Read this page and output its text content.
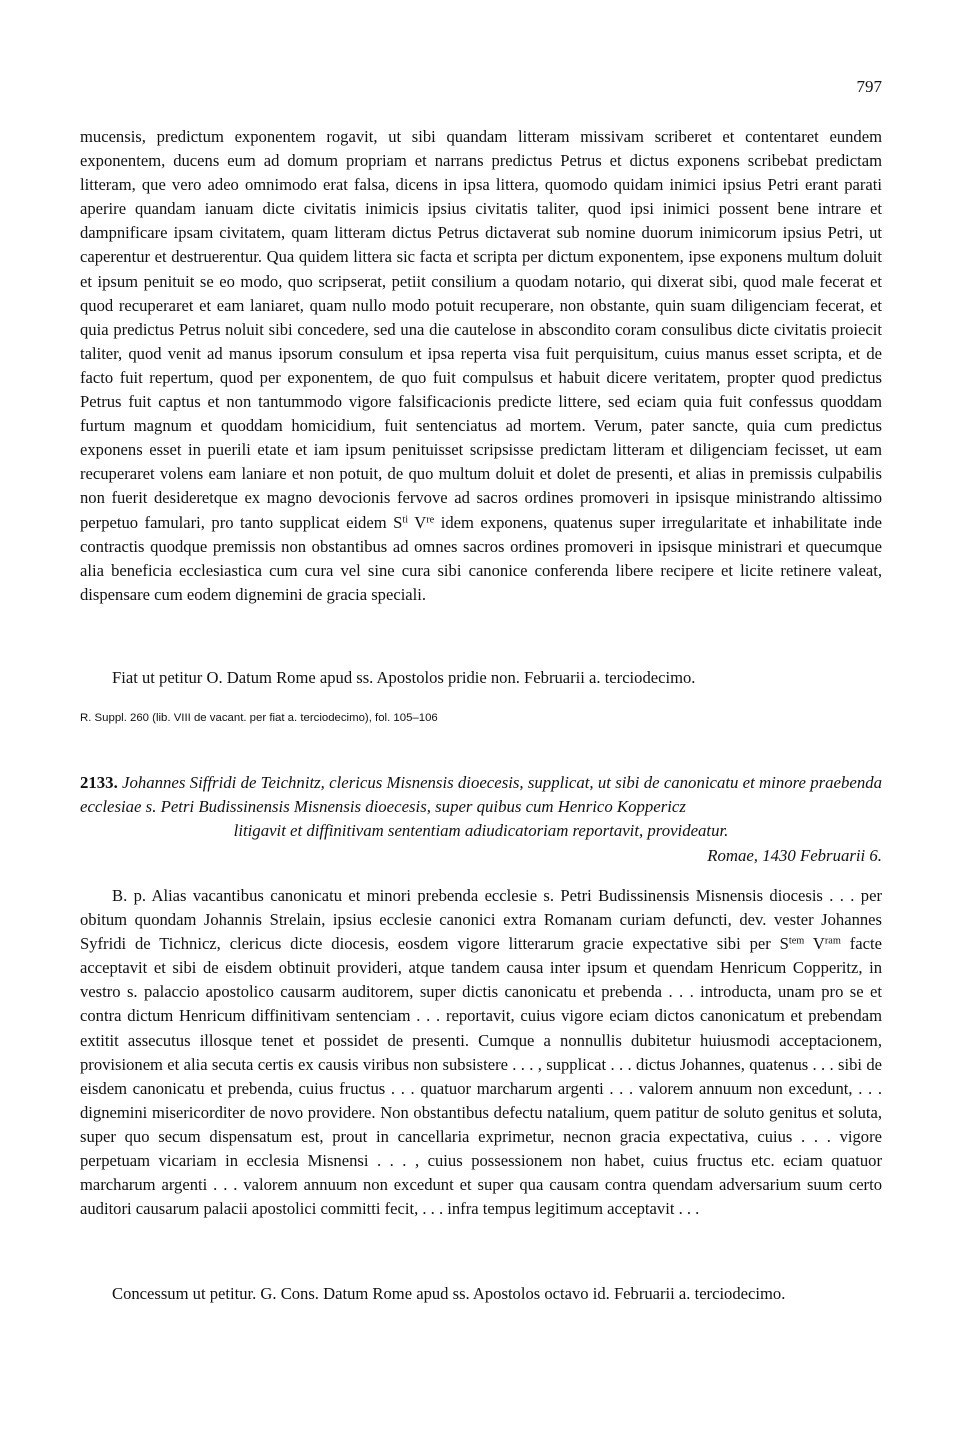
797

mucensis, predictum exponentem rogavit, ut sibi quandam litteram missivam scriberet et contentaret eundem exponentem, ducens eum ad domum propriam et narrans predictus Petrus et dictus exponens scribebat predictam litteram, que vero adeo omnimodo erat falsa, dicens in ipsa littera, quomodo quidam inimici ipsius Petri erant parati aperire quandam ianuam dicte civitatis inimicis ipsius civitatis taliter, quod ipsi inimici possent bene intrare et dampnificare ipsam civitatem, quam litteram dictus Petrus dictaverat sub nomine duorum inimicorum ipsius Petri, ut caperentur et destruerentur. Qua quidem littera sic facta et scripta per dictum exponentem, ipse exponens multum doluit et ipsum penituit se eo modo, quo scripserat, petiit consilium a quodam notario, qui dixerat sibi, quod male fecerat et quod recuperaret et eam laniaret, quam nullo modo potuit recuperare, non obstante, quin suam diligenciam fecerat, et quia predictus Petrus noluit sibi concedere, sed una die cautelose in abscondito coram consulibus dicte civitatis proiecit taliter, quod venit ad manus ipsorum consulum et ipsa reperta visa fuit perquisitum, cuius manus esset scripta, et de facto fuit repertum, quod per exponentem, de quo fuit compulsus et habuit dicere veritatem, propter quod predictus Petrus fuit captus et non tantummodo vigore falsificacionis predicte littere, sed eciam quia fuit confessus quoddam furtum magnum et quoddam homicidium, fuit sentenciatus ad mortem. Verum, pater sancte, quia cum predictus exponens esset in puerili etate et iam ipsum penituisset scripsisse predictam litteram et diligenciam fecisset, ut eam recuperaret volens eam laniare et non potuit, de quo multum doluit et dolet de presenti, et alias in premissis culpabilis non fuerit desideretque ex magno devocionis fervove ad sacros ordines promoveri in ipsisque ministrando altissimo perpetuo famulari, pro tanto supplicat eidem $S^{ti}$ Vre idem exponens, quatenus super irregularitate et inhabilitate inde contractis quodque premissis non obstantibus ad omnes sacros ordines promoveri in ipsisque ministrari et quecumque alia beneficia ecclesiastica cum cura vel sine cura sibi canonice conferenda libere recipere et licite retinere valeat, dispensare cum eodem dignemini de gracia speciali.

Fiat ut petitur O. Datum Rome apud ss. Apostolos pridie non. Februarii a. terciodecimo.

R. Suppl. 260 (lib. VIII de vacant. per fiat a. terciodecimo), fol. 105–106

2133. Johannes Siffridi de Teichnitz, clericus Misnensis dioecesis, supplicat, ut sibi de canonicatu et minore praebenda ecclesiae s. Petri Budissinensis Misnensis dioecesis, super quibus cum Henrico Koppericz
litigavit et diffinitivam sententiam adiudicatoriam reportavit, provideatur.

Romae, 1430 Februarii 6.

B. p. Alias vacantibus canonicatu et minori prebenda ecclesie s. Petri Budissinensis Misnensis diocesis . . . per obitum quondam Johannis Strelain, ipsius ecclesie canonici extra Romanam curiam defuncti, dev. vester Johannes Syfridi de Tichnicz, clericus dicte diocesis, eosdem vigore litterarum gracie expectative sibi per $S^{tem}$ $V^{ram}$ facte acceptavit et sibi de eisdem obtinuit provideri, atque tandem causa inter ipsum et quendam Henricum Copperitz, in vestro s. palaccio apostolico causarm auditorem, super dictis canonicatu et prebenda . . . introducta, unam pro se et contra dictum Henricum diffinitivam sentenciam . . . reportavit, cuius vigore eciam dictos canonicatum et prebendam extitit assecutus illosque tenet et possidet de presenti. Cumque a nonnullis dubitetur huiusmodi acceptacionem, provisionem et alia secuta certis ex causis viribus non subsistere . . . , supplicat . . . dictus Johannes, quatenus . . . sibi de eisdem canonicatu et prebenda, cuius fructus . . . quatuor marcharum argenti . . . valorem annuum non excedunt, . . . dignemini misericorditer de novo providere. Non obstantibus defectu natalium, quem patitur de soluto genitus et soluta, super quo secum dispensatum est, prout in cancellaria exprimetur, necnon gracia expectativa, cuius . . . vigore perpetuam vicariam in ecclesia Misnensi . . . , cuius possessionem non habet, cuius fructus etc. eciam quatuor marcharum argenti . . . valorem annuum non excedunt et super qua causam contra quendam adversarium suum certo auditori causarum palacii apostolici committi fecit, . . . infra tempus legitimum acceptavit . . .

Concessum ut petitur. G. Cons. Datum Rome apud ss. Apostolos octavo id. Februarii a. terciodecimo.
